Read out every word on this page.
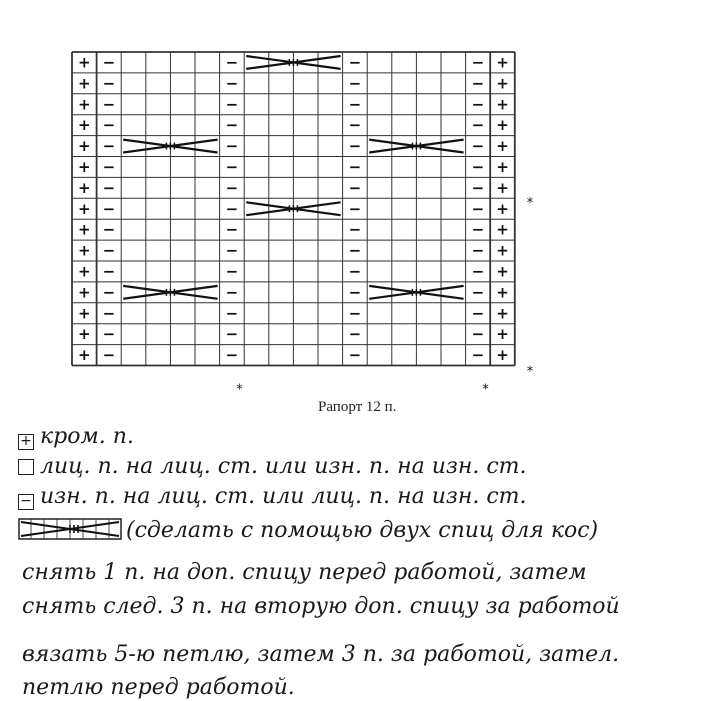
+ −	−	−	− +
+ −	−	−	− +
+ −	−	−	− +
+ −	−	−	− +
+ −	−	−	− +
+ −	−	−	− +
+ −	−	−	− +
+ −	−	−	− +
+ −	−	−	− +
+ −	−	−	− +
+ −	−	−	− +
+ −	−	−	− +
+ −	−	−	− +
+ −	−	−	− +
+ −	−	−	− +
*
*
*	*
Рапорт 12 п.
+ кром. п.
лиц. п. на лиц. ст. или изн. п. на изн. ст.
− изн. п. на лиц. ст. или лиц. п. на изн. ст.
(сделать с помощью двух спиц для кос)
снять 1 п. на доп. спицу перед работой, затем
снять след. 3 п. на вторую доп. спицу за работой
вязать 5-ю петлю, затем 3 п. за работой, зател.
петлю перед работой.
